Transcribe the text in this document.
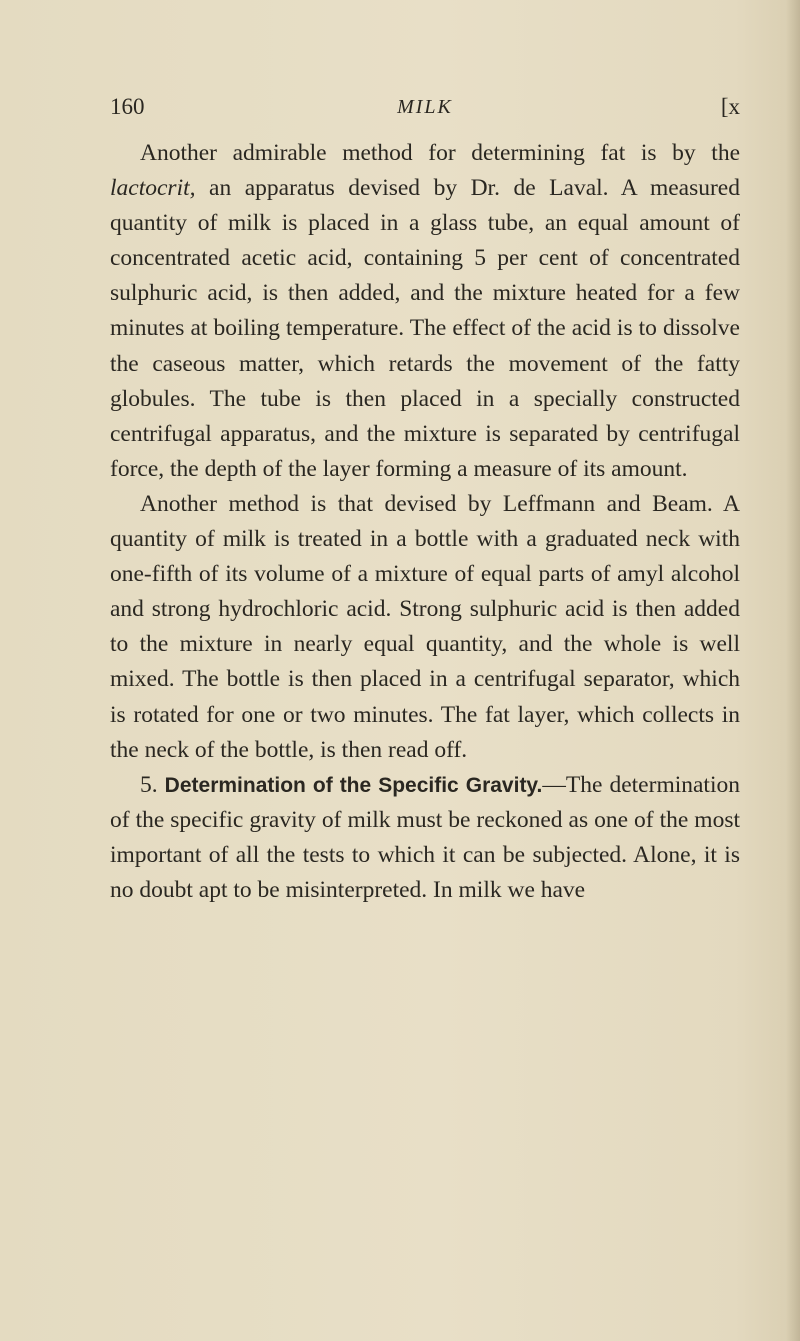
160	MILK	[x

Another admirable method for determining fat is by the lactocrit, an apparatus devised by Dr. de Laval. A measured quantity of milk is placed in a glass tube, an equal amount of concentrated acetic acid, containing 5 per cent of concentrated sulphuric acid, is then added, and the mixture heated for a few minutes at boiling temperature. The effect of the acid is to dissolve the caseous matter, which retards the movement of the fatty globules. The tube is then placed in a specially constructed centrifugal apparatus, and the mixture is separated by centrifugal force, the depth of the layer forming a measure of its amount.

Another method is that devised by Leffmann and Beam. A quantity of milk is treated in a bottle with a graduated neck with one-fifth of its volume of a mixture of equal parts of amyl alcohol and strong hydrochloric acid. Strong sulphuric acid is then added to the mixture in nearly equal quantity, and the whole is well mixed. The bottle is then placed in a centrifugal separator, which is rotated for one or two minutes. The fat layer, which collects in the neck of the bottle, is then read off.

5. Determination of the Specific Gravity.—The determination of the specific gravity of milk must be reckoned as one of the most important of all the tests to which it can be subjected. Alone, it is no doubt apt to be misinterpreted. In milk we have
